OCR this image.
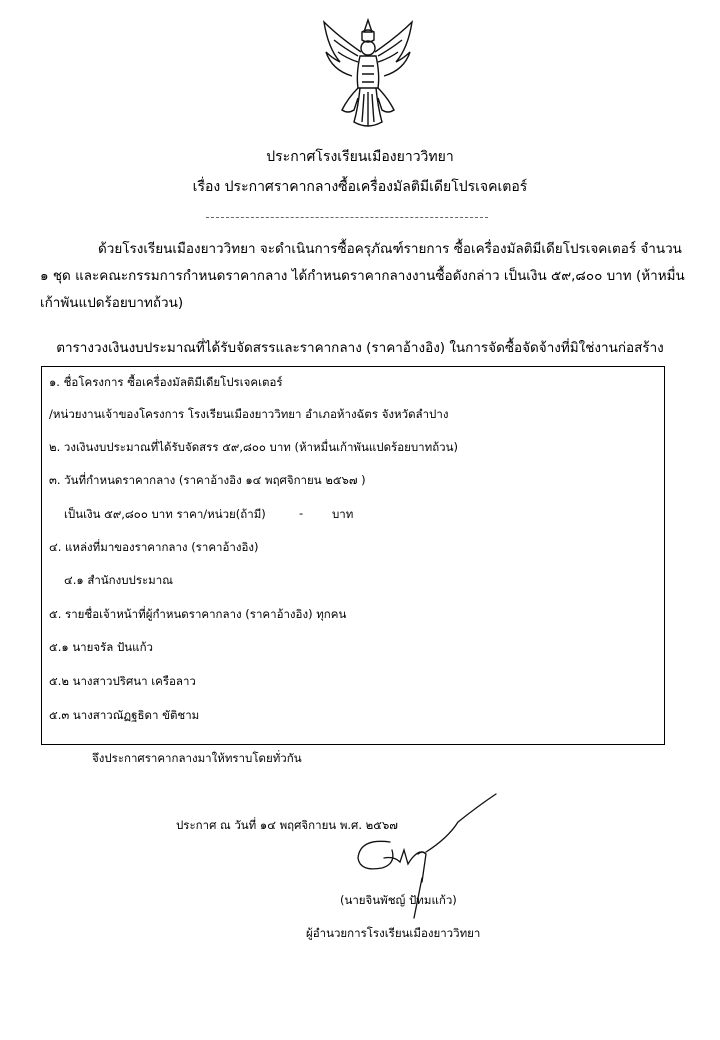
ประกาศโรงเรียนเมืองยาววิทยา
เรื่อง ประกาศราคากลางซื้อเครื่องมัลติมีเดียโปรเจคเตอร์
ด้วยโรงเรียนเมืองยาววิทยา จะดำเนินการซื้อครุภัณฑ์รายการ ซื้อเครื่องมัลติมีเดียโปรเจคเตอร์ จำนวน ๑ ชุด และคณะกรรมการกำหนดราคากลาง ได้กำหนดราคากลางงานซื้อดังกล่าว เป็นเงิน ๕๙,๘๐๐ บาท (ห้าหมื่นเก้าพันแปดร้อยบาทถ้วน)
ตารางวงเงินงบประมาณที่ได้รับจัดสรรและราคากลาง (ราคาอ้างอิง) ในการจัดซื้อจัดจ้างที่มิใช่งานก่อสร้าง
๑. ชื่อโครงการ ซื้อเครื่องมัลติมีเดียโปรเจคเตอร์
/หน่วยงานเจ้าของโครงการ โรงเรียนเมืองยาววิทยา อำเภอห้างฉัตร จังหวัดลำปาง
๒. วงเงินงบประมาณที่ได้รับจัดสรร ๕๙,๘๐๐ บาท (ห้าหมื่นเก้าพันแปดร้อยบาทถ้วน)
๓. วันที่กำหนดราคากลาง (ราคาอ้างอิง ๑๔ พฤศจิกายน ๒๕๖๗ )
เป็นเงิน ๕๙,๘๐๐ บาท ราคา/หน่วย(ถ้ามี)	-	บาท
๔. แหล่งที่มาของราคากลาง (ราคาอ้างอิง)
๔.๑ สำนักงบประมาณ
๕. รายชื่อเจ้าหน้าที่ผู้กำหนดราคากลาง (ราคาอ้างอิง) ทุกคน
๕.๑ นายจรัล ปันแก้ว
๕.๒ นางสาวปริศนา เครือลาว
๕.๓ นางสาวณัฏฐธิดา ขัติชาม
จึงประกาศราคากลางมาให้ทราบโดยทั่วกัน
ประกาศ ณ วันที่ ๑๔ พฤศจิกายน พ.ศ. ๒๕๖๗
(นายจินพัชญ์ ปัทมแก้ว)
ผู้อำนวยการโรงเรียนเมืองยาววิทยา
